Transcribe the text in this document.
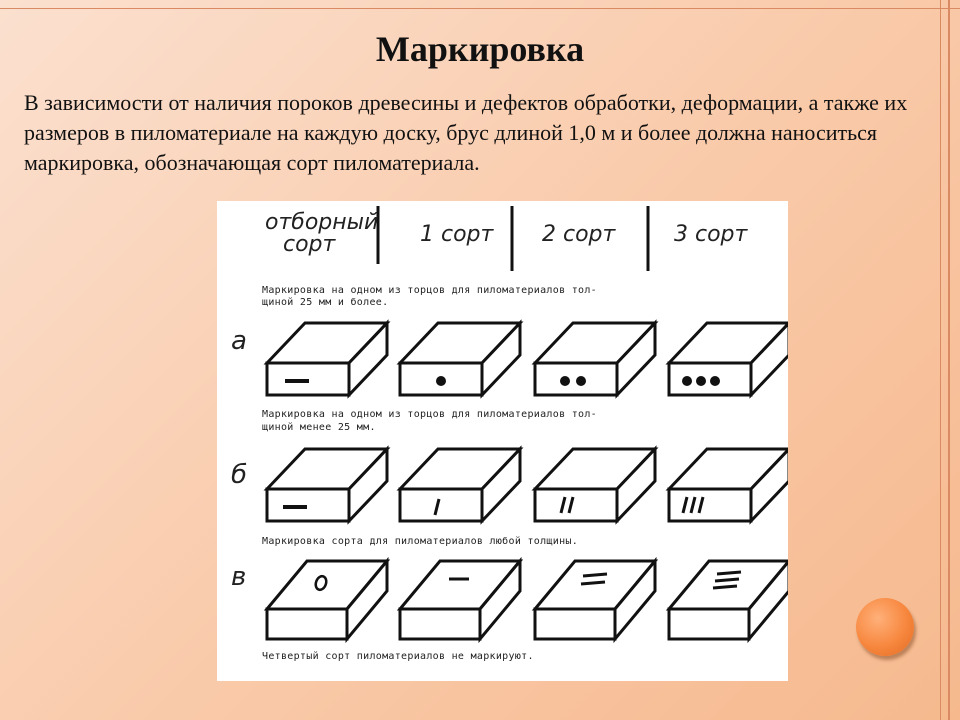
Маркировка
В зависимости от наличия пороков древесины и дефектов обработки, деформации, а также их размеров в пиломатериале на каждую доску, брус длиной 1,0 м и более должна наноситься маркировка, обозначающая сорт пиломатериала.
отборный сорт	1 сорт 2 сорт	3 сорт
Маркировка на одном из торцов для пиломатериалов тол-
щиной 25 мм и более.
а
б
в
Маркировка на одном из торцов для пиломатериалов тол-
щиной менее 25 мм.
Маркировка сорта для пиломатериалов любой толщины.
Четвертый сорт пиломатериалов не маркируют.
